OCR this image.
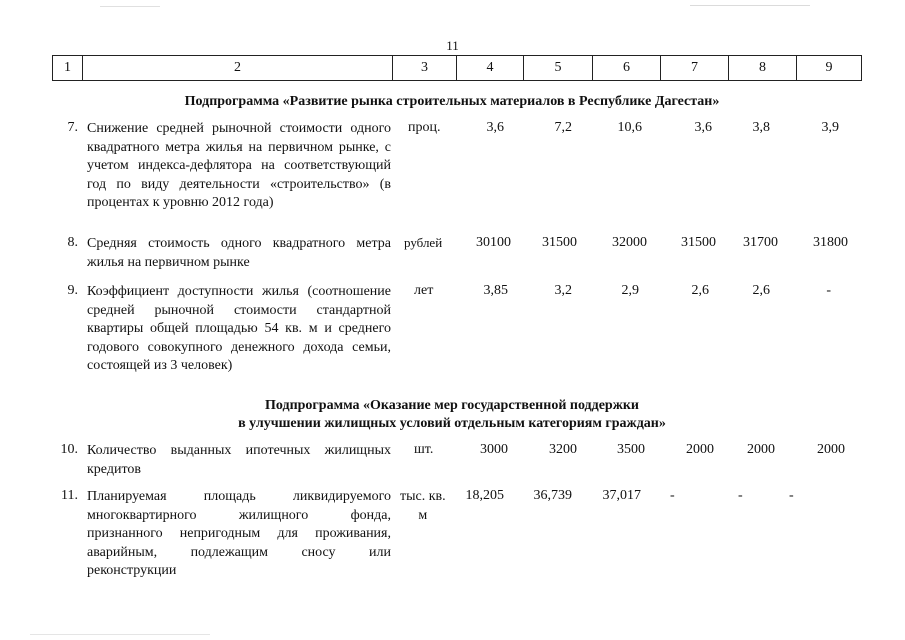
11
1	2	3	4	5	6	7	8	9
Подпрограмма «Развитие рынка строительных материалов в Республике Дагестан»
7. Снижение средней рыночной стоимости одного квадратного метра жилья на первичном рынке, с учетом индекса-дефлятора на соответствующий год по виду деятельности «строительство» (в процентах к уровню 2012 года)
проц.	3,6	7,2	10,6	3,6	3,8	3,9
8. Средняя стоимость одного квадратного метра жилья на первичном рынке
рублей 30100 31500	32000 31500 31700	31800
9. Коэффициент доступности жилья (соотношение средней рыночной стоимости стандартной квартиры общей площадью 54 кв. м и среднего годового совокупного денежного дохода семьи, состоящей из 3 человек)
лет	3,85	3,2	2,9	2,6	2,6	-
Подпрограмма «Оказание мер государственной поддержки
в улучшении жилищных условий отдельным категориям граждан»
10. Количество выданных ипотечных жилищных кредитов
шт.	3000	3200	3500	2000 2000	2000
11. Планируемая площадь ликвидируемого многоквартирного жилищного фонда, признанного непригодным для проживания, аварийным, подлежащим сносу или реконструкции
тыс. кв.
м
18,205 36,739 37,017 -	-	-
